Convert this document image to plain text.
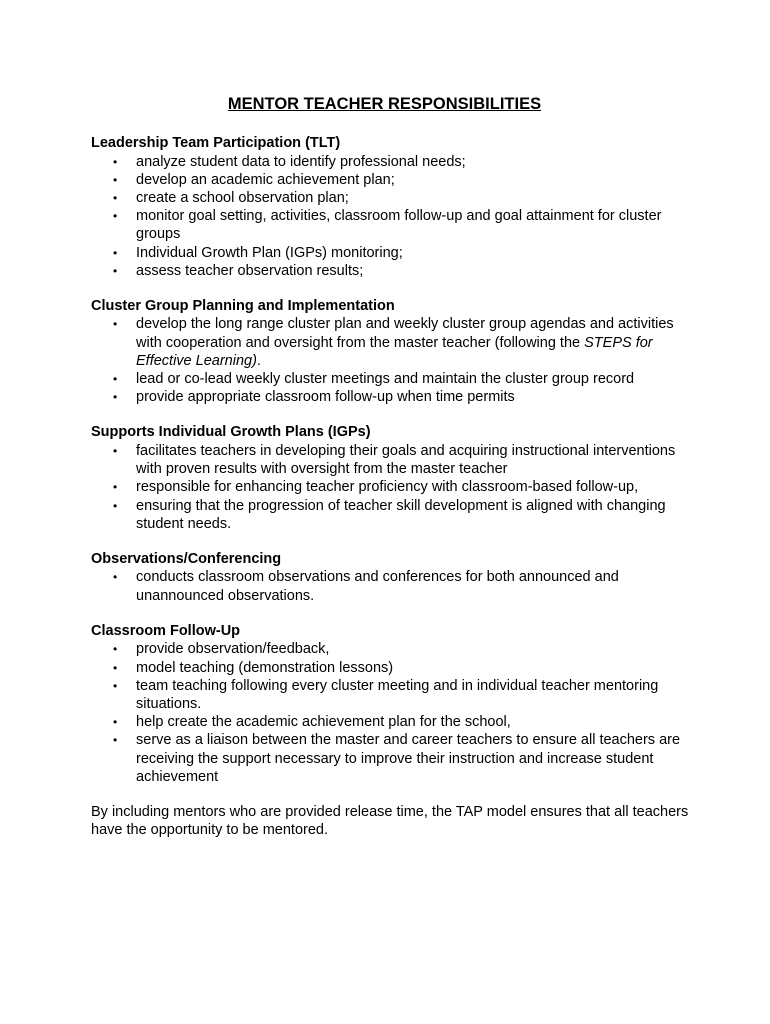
MENTOR TEACHER RESPONSIBILITIES

Leadership Team Participation (TLT)

• analyze student data to identify professional needs;
• develop an academic achievement plan;
• create a school observation plan;
• monitor goal setting, activities, classroom follow-up and goal attainment for cluster groups
• Individual Growth Plan (IGPs) monitoring;
• assess teacher observation results;

Cluster Group Planning and Implementation

• develop the long range cluster plan and weekly cluster group agendas and activities with cooperation and oversight from the master teacher (following the STEPS for Effective Learning).
• lead or co-lead weekly cluster meetings and maintain the cluster group record
• provide appropriate classroom follow-up when time permits

Supports Individual Growth Plans (IGPs)

• facilitates teachers in developing their goals and acquiring instructional interventions with proven results with oversight from the master teacher
• responsible for enhancing teacher proficiency with classroom-based follow-up,
• ensuring that the progression of teacher skill development is aligned with changing student needs.

Observations/Conferencing

• conducts classroom observations and conferences for both announced and unannounced observations.

Classroom Follow-Up

• provide observation/feedback,
• model teaching (demonstration lessons)
• team teaching following every cluster meeting and in individual teacher mentoring situations.
• help create the academic achievement plan for the school,
• serve as a liaison between the master and career teachers to ensure all teachers are receiving the support necessary to improve their instruction and increase student achievement

By including mentors who are provided release time, the TAP model ensures that all teachers have the opportunity to be mentored.
